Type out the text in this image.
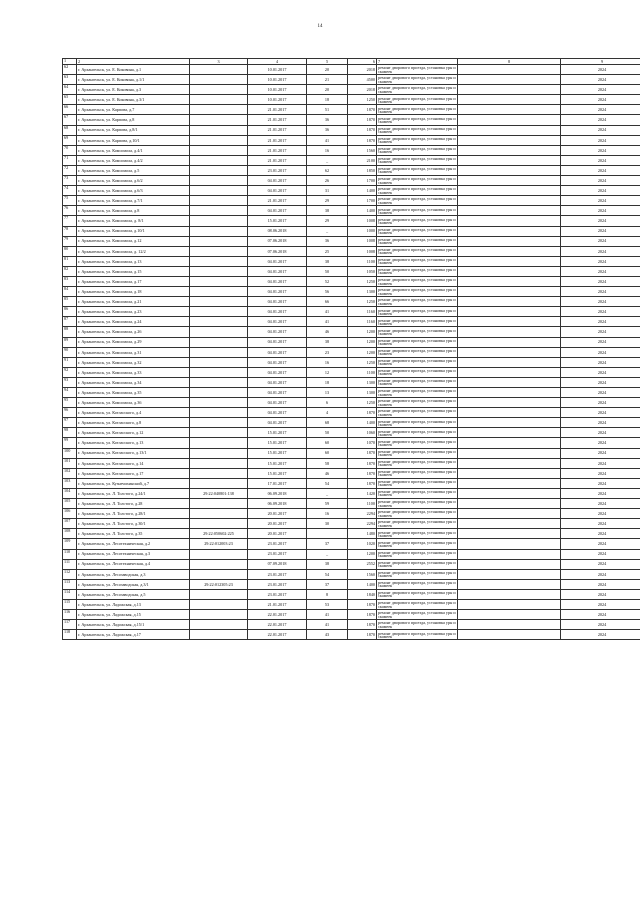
14
1	2	3	4	5	6	7	8	9
62	г. Архангельск, ул. Е. Коковина, д.1		10.01.2017	20	2018	ремонт дворового проезда, установка урн и скамеек		2024
63	г. Архангельск, ул. Е. Коковина, д.1/1		10.01.2017	21	4500	ремонт дворового проезда, установка урн и скамеек		2024
64	г. Архангельск, ул. Е. Коковина, д.3		10.01.2017	20	2018	ремонт дворового проезда, установка урн и скамеек		2024
65	г. Архангельск, ул. Е. Коковина, д.3/1		10.01.2017	18	1250	ремонт дворового проезда, установка урн и скамеек		2024
66	г. Архангельск, ул. Карпова, д.7		21.01.2017	51	1870	ремонт дворового проезда, установка урн и скамеек		2024
67	г. Архангельск, ул. Карпова, д.8		21.01.2017	36	1870	ремонт дворового проезда, установка урн и скамеек		2024
68	г. Архангельск, ул. Карпова, д.8/1		21.01.2017	36	1870	ремонт дворового проезда, установка урн и скамеек		2024
69	г. Архангельск, ул. Карпова, д.10/1		21.01.2017	41	1870	ремонт дворового проезда, установка урн и скамеек		2024
70	г. Архангельск, ул. Комсомола, д.4/1		21.01.2017	16	1560	ремонт дворового проезда, установка урн и скамеек		2024
71	г. Архангельск, ул. Комсомола, д.4/2		21.01.2017	_	2100	ремонт дворового проезда, установка урн и скамеек		2024
72	г. Архангельск, ул. Комсомола, д.5		23.01.2017	62	1850	ремонт дворового проезда, установка урн и скамеек		2024
73	г. Архангельск, ул. Комсомола, д.6/2		04.01.2017	26	1700	ремонт дворового проезда, установка урн и скамеек		2024
74	г. Архангельск, ул. Комсомола, д.6/3		04.01.2017	31	1400	ремонт дворового проезда, установка урн и скамеек		2024
75	г. Архангельск, ул. Комсомола, д.7/1		21.01.2017	29	1700	ремонт дворового проезда, установка урн и скамеек		2024
76	г. Архангельск, ул. Комсомола, д.8		04.01.2017	38	1400	ремонт дворового проезда, установка урн и скамеек		2024
77	г. Архангельск, ул. Комсомола, д. 8/1		15.01.2017	29	1008	ремонт дворового проезда, установка урн и скамеек		2024
78	г. Архангельск, ул. Комсомола, д.10/1		08.06.2018	_	1000	ремонт дворового проезда, установка урн и скамеек		2024
79	г. Архангельск, ул. Комсомола, д.12		07.06.2018	36	1008	ремонт дворового проезда, установка урн и скамеек		2024
80	г. Архангельск, ул. Комсомола, д. 12/2		07.06.2018	25	1008	ремонт дворового проезда, установка урн и скамеек		2024
81	г. Архангельск, ул. Комсомола, д.13		04.01.2017	38	1100	ремонт дворового проезда, установка урн и скамеек		2024
82	г. Архангельск, ул. Комсомола, д.15		04.01.2017	50	1050	ремонт дворового проезда, установка урн и скамеек		2024
83	г. Архангельск, ул. Комсомола, д.17		04.01.2017	52	1250	ремонт дворового проезда, установка урн и скамеек		2024
84	г. Архангельск, ул. Комсомола, д.18		04.01.2017	56	1300	ремонт дворового проезда, установка урн и скамеек		2024
85	г. Архангельск, ул. Комсомола, д.21		04.01.2017	66	1250	ремонт дворового проезда, установка урн и скамеек		2024
86	г. Архангельск, ул. Комсомола, д.23		04.01.2017	41	1160	ремонт дворового проезда, установка урн и скамеек		2024
87	г. Архангельск, ул. Комсомола, д.24		04.01.2017	41	1160	ремонт дворового проезда, установка урн и скамеек		2024
88	г. Архангельск, ул. Комсомола, д.26		04.01.2017	46	1200	ремонт дворового проезда, установка урн и скамеек		2024
89	г. Архангельск, ул. Комсомола, д.29		04.01.2017	38	1200	ремонт дворового проезда, установка урн и скамеек		2024
90	г. Архангельск, ул. Комсомола, д.31		04.01.2017	23	1200	ремонт дворового проезда, установка урн и скамеек		2024
91	г. Архангельск, ул. Комсомола, д.32		04.01.2017	16	1250	ремонт дворового проезда, установка урн и скамеек		2024
92	г. Архангельск, ул. Комсомола, д.33		04.01.2017	12	1100	ремонт дворового проезда, установка урн и скамеек		2024
93	г. Архангельск, ул. Комсомола, д.34		04.01.2017	18	1300	ремонт дворового проезда, установка урн и скамеек		2024
94	г. Архангельск, ул. Комсомола, д.35		04.01.2017	13	1300	ремонт дворового проезда, установка урн и скамеек		2024
95	г. Архангельск, ул. Комсомола, д.36		04.01.2017	6	1250	ремонт дворового проезда, установка урн и скамеек		2024
96	г. Архангельск, ул. Котласского, д.4		04.01.2017	4	1870	ремонт дворового проезда, установка урн и скамеек		2024
97	г. Архангельск, ул. Котласского, д.8		04.01.2017	68	1400	ремонт дворового проезда, установка урн и скамеек		2024
98	г. Архангельск, ул. Котласского, д.12		15.01.2017	50	1060	ремонт дворового проезда, установка урн и скамеек		2024
99	г. Архангельск, ул. Котласского, д.13		15.01.2017	60	1070	ремонт дворового проезда, установка урн и скамеек		2024
100	г. Архангельск, ул. Котласского, д.13/1		15.01.2017	60	1870	ремонт дворового проезда, установка урн и скамеек		2024
101	г. Архангельск, ул. Котласского, д.14		15.01.2017	58	1870	ремонт дворового проезда, установка урн и скамеек		2024
102	г. Архангельск, ул. Котласского, д.17		15.01.2017	46	1870	ремонт дворового проезда, установка урн и скамеек		2024
103	г. Архангельск, ул. Кузнечихинский, д.7		17.01.2017	54	1870	ремонт дворового проезда, установка урн и скамеек		2024
104	г. Архангельск, ул. Л. Толстого, д.24/1	29:22:040801:138	06.09.2018	_	1420	ремонт дворового проезда, установка урн и скамеек		2024
105	г. Архангельск, ул. Л. Толстого, д.28		06.09.2018	59	1100	ремонт дворового проезда, установка урн и скамеек		2024
106	г. Архангельск, ул. Л. Толстого, д.28/1		20.01.2017	16	2294	ремонт дворового проезда, установка урн и скамеек		2024
107	г. Архангельск, ул. Л. Толстого, д.30/1		20.01.2017	30	2294	ремонт дворового проезда, установка урн и скамеек		2024
108	г. Архангельск, ул. Л. Толстого, д.35	29:22:050602:225	20.01.2017		1480	ремонт дворового проезда, установка урн и скамеек		2024
109	г. Архангельск, ул. Лесотехническая, д.2	29:22:012003:23	23.01.2017	37	1020	ремонт дворового проезда, установка урн и скамеек		2024
110	г. Архангельск, ул. Лесотехническая, д.3		23.01.2017	_	1200	ремонт дворового проезда, установка урн и скамеек		2024
111	г. Архангельск, ул. Лесотехническая, д.4		07.09.2018	38	2552	ремонт дворового проезда, установка урн и скамеек		2024
112	г. Архангельск, ул. Лесозаводская, д.3		23.01.2017	54	1560	ремонт дворового проезда, установка урн и скамеек		2024
113	г. Архангельск, ул. Лесозаводская, д.3/1	29:22:012305:23	23.01.2017	37	1400	ремонт дворового проезда, установка урн и скамеек		2024
114	г. Архангельск, ул. Лесозаводская, д.5		23.01.2017	8	1840	ремонт дворового проезда, установка урн и скамеек		2024
115	г. Архангельск, ул. Ладожская, д.13		21.01.2017	53	1870	ремонт дворового проезда, установка урн и скамеек		2024
116	г. Архангельск, ул. Ладожская, д.15		22.01.2017	41	1870	ремонт дворового проезда, установка урн и скамеек		2024
117	г. Архангельск, ул. Ладожская, д.15/1		22.01.2017	41	1870	ремонт дворового проезда, установка урн и скамеек		2024
118	г. Архангельск, ул. Ладожская, д.17		22.01.2017	43	1870	ремонт дворового проезда, установка урн и скамеек		2024
